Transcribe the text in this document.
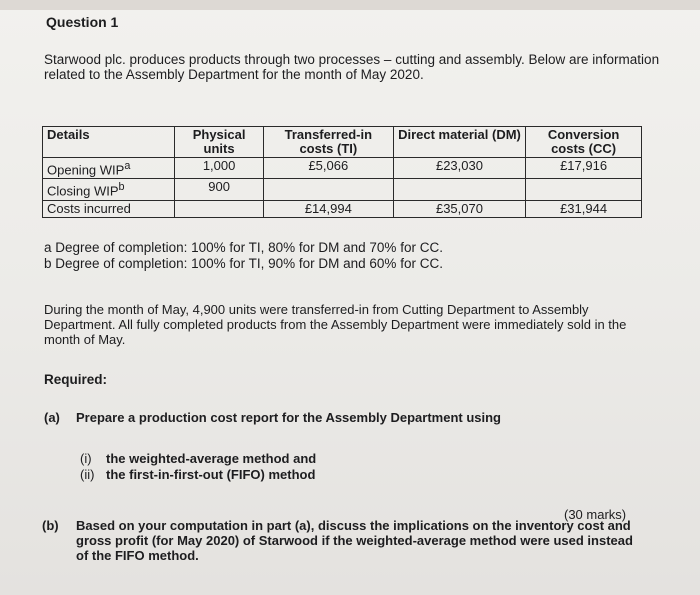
Question 1
Starwood plc. produces products through two processes – cutting and assembly. Below are information related to the Assembly Department for the month of May 2020.
Details	Physical units	Transferred-in costs (TI)	Direct material (DM)	Conversion costs (CC)
Opening WIP$^a$	1,000	£5,066	£23,030	£17,916
Closing WIP$^b$	900			
Costs incurred		£14,994	£35,070	£31,944
a Degree of completion: 100% for TI, 80% for DM and 70% for CC.
b Degree of completion: 100% for TI, 90% for DM and 60% for CC.
During the month of May, 4,900 units were transferred-in from Cutting Department to Assembly Department. All fully completed products from the Assembly Department were immediately sold in the month of May.
Required:
(a) Prepare a production cost report for the Assembly Department using
(i) the weighted-average method and
(ii) the first-in-first-out (FIFO) method
(30 marks)
(b) Based on your computation in part (a), discuss the implications on the inventory cost and gross profit (for May 2020) of Starwood if the weighted-average method were used instead of the FIFO method.
